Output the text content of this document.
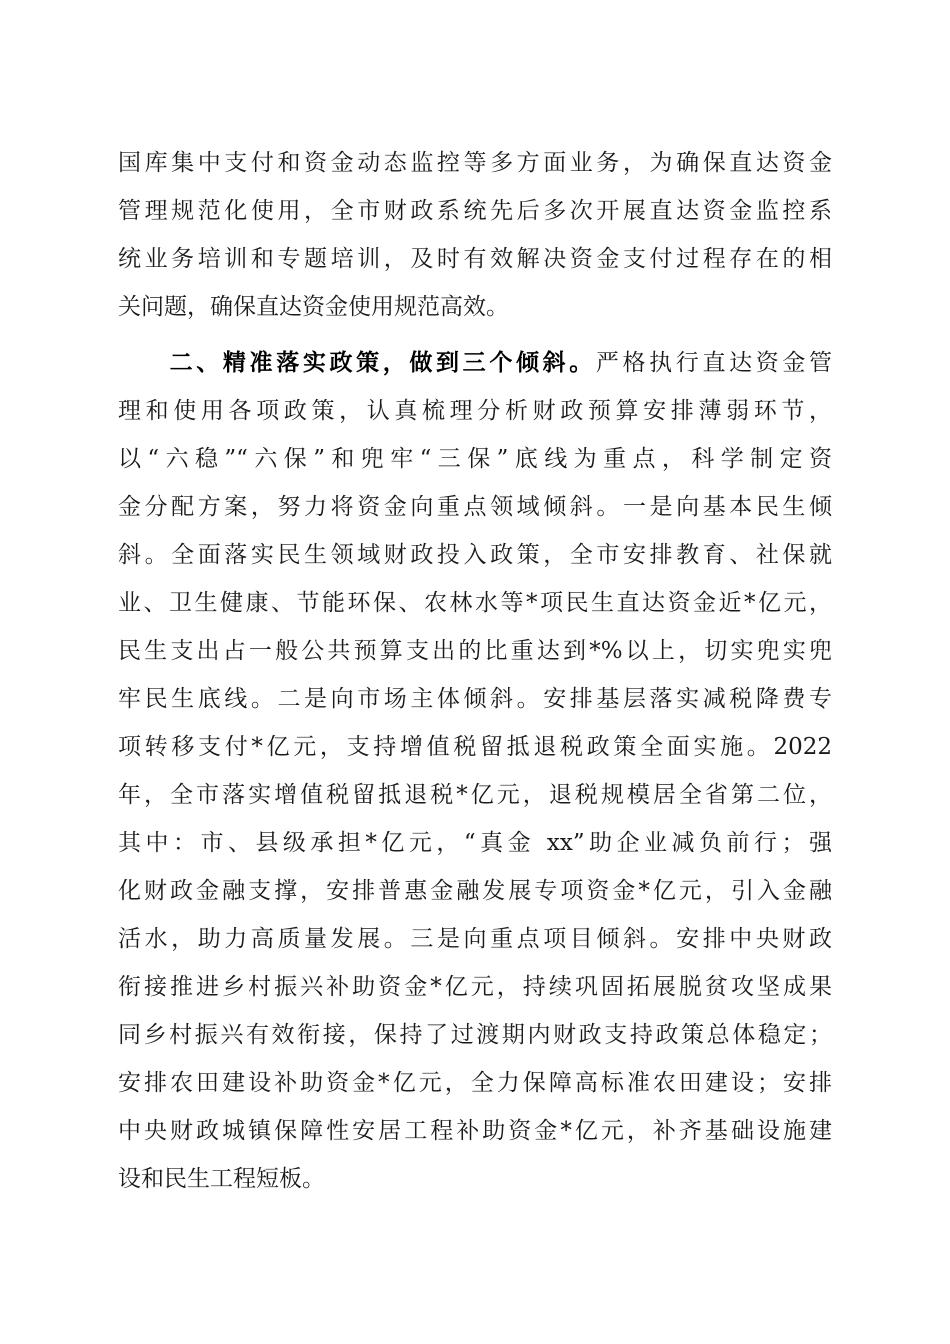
国库集中支付和资金动态监控等多方面业务，为确保直达资金
管理规范化使用，全市财政系统先后多次开展直达资金监控系
统业务培训和专题培训，及时有效解决资金支付过程存在的相
关问题，确保直达资金使用规范高效。
二、精准落实政策，做到三个倾斜。严格执行直达资金管
理和使用各项政策，认真梳理分析财政预算安排薄弱环节，
以“六稳”“六保”和兜牢“三保”底线为重点，科学制定资
金分配方案，努力将资金向重点领域倾斜。一是向基本民生倾
斜。全面落实民生领域财政投入政策，全市安排教育、社保就
业、卫生健康、节能环保、农林水等*项民生直达资金近*亿元，
民生支出占一般公共预算支出的比重达到*%以上，切实兜实兜
牢民生底线。二是向市场主体倾斜。安排基层落实减税降费专
项转移支付*亿元，支持增值税留抵退税政策全面实施。2022
年，全市落实增值税留抵退税*亿元，退税规模居全省第二位，
其中：市、县级承担*亿元，“真金 xx”助企业减负前行；强
化财政金融支撑，安排普惠金融发展专项资金*亿元，引入金融
活水，助力高质量发展。三是向重点项目倾斜。安排中央财政
衔接推进乡村振兴补助资金*亿元，持续巩固拓展脱贫攻坚成果
同乡村振兴有效衔接，保持了过渡期内财政支持政策总体稳定；
安排农田建设补助资金*亿元，全力保障高标准农田建设；安排
中央财政城镇保障性安居工程补助资金*亿元，补齐基础设施建
设和民生工程短板。
